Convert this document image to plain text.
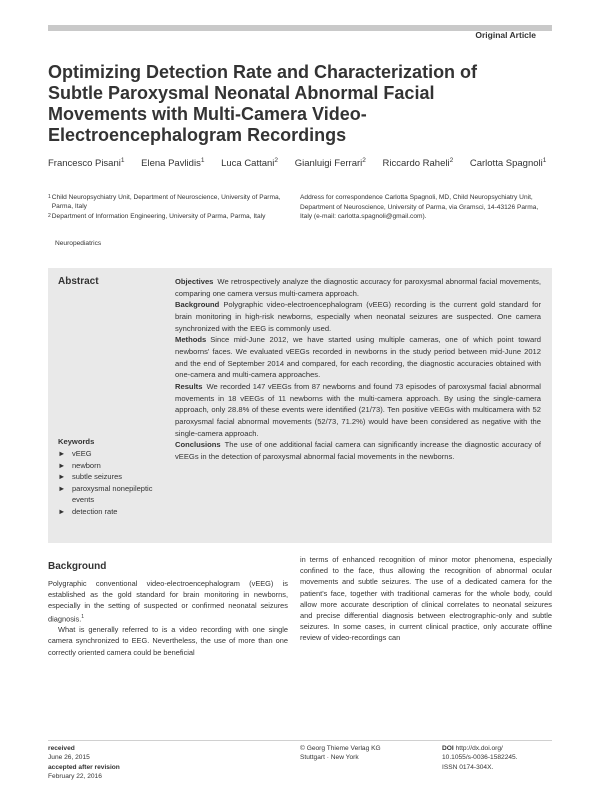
Original Article
Optimizing Detection Rate and Characterization of Subtle Paroxysmal Neonatal Abnormal Facial Movements with Multi-Camera Video-Electroencephalogram Recordings
Francesco Pisani$^1$ Elena Pavlidis$^1$ Luca Cattani$^2$ Gianluigi Ferrari$^2$ Riccardo Raheli$^2$ Carlotta Spagnoli$^1$
1 Child Neuropsychiatry Unit, Department of Neuroscience, University of Parma, Parma, Italy
2 Department of Information Engineering, University of Parma, Parma, Italy
Neuropediatrics
Address for correspondence Carlotta Spagnoli, MD, Child Neuropsychiatry Unit, Department of Neuroscience, University of Parma, via Gramsci, 14-43126 Parma, Italy (e-mail: carlotta.spagnoli@gmail.com).
Abstract
Keywords
► vEEG
► newborn
► subtle seizures
► paroxysmal nonepileptic events
► detection rate

Objectives We retrospectively analyze the diagnostic accuracy for paroxysmal abnormal facial movements, comparing one camera versus multi-camera approach.

Background Polygraphic video-electroencephalogram (vEEG) recording is the current gold standard for brain monitoring in high-risk newborns, especially when neonatal seizures are suspected. One camera synchronized with the EEG is commonly used.

Methods Since mid-June 2012, we have started using multiple cameras, one of which point toward newborns' faces. We evaluated vEEGs recorded in newborns in the study period between mid-June 2012 and the end of September 2014 and compared, for each recording, the diagnostic accuracies obtained with one-camera and multi-camera approaches.

Results We recorded 147 vEEGs from 87 newborns and found 73 episodes of paroxysmal facial abnormal movements in 18 vEEGs of 11 newborns with the multi-camera approach. By using the single-camera approach, only 28.8% of these events were identified (21/73). Ten positive vEEGs with multicamera with 52 paroxysmal facial abnormal movements (52/73, 71.2%) would have been considered as negative with the single-camera approach.

Conclusions The use of one additional facial camera can significantly increase the diagnostic accuracy of vEEGs in the detection of paroxysmal abnormal facial movements in the newborns.

Background

Polygraphic conventional video-electroencephalogram (vEEG) is established as the gold standard for brain monitoring in newborns, especially in the setting of suspected or confirmed neonatal seizures diagnosis.$^1$

What is generally referred to is a video recording with one single camera synchronized to EEG. Nevertheless, the use of more than one correctly oriented camera could be beneficial

in terms of enhanced recognition of minor motor phenomena, especially confined to the face, thus allowing the recognition of abnormal ocular movements and subtle seizures. The use of a dedicated camera for the patient's face, together with traditional cameras for the whole body, could allow more accurate description of clinical correlates to neonatal seizures and precise differential diagnosis between electrographic-only and subtle seizures. In some cases, in current clinical practice, only accurate offline review of video-recordings can

received
June 26, 2015
accepted after revision
February 22, 2016
© Georg Thieme Verlag KG
Stuttgart · New York
DOI http://dx.doi.org/
10.1055/s-0036-1582245.
ISSN 0174-304X.
